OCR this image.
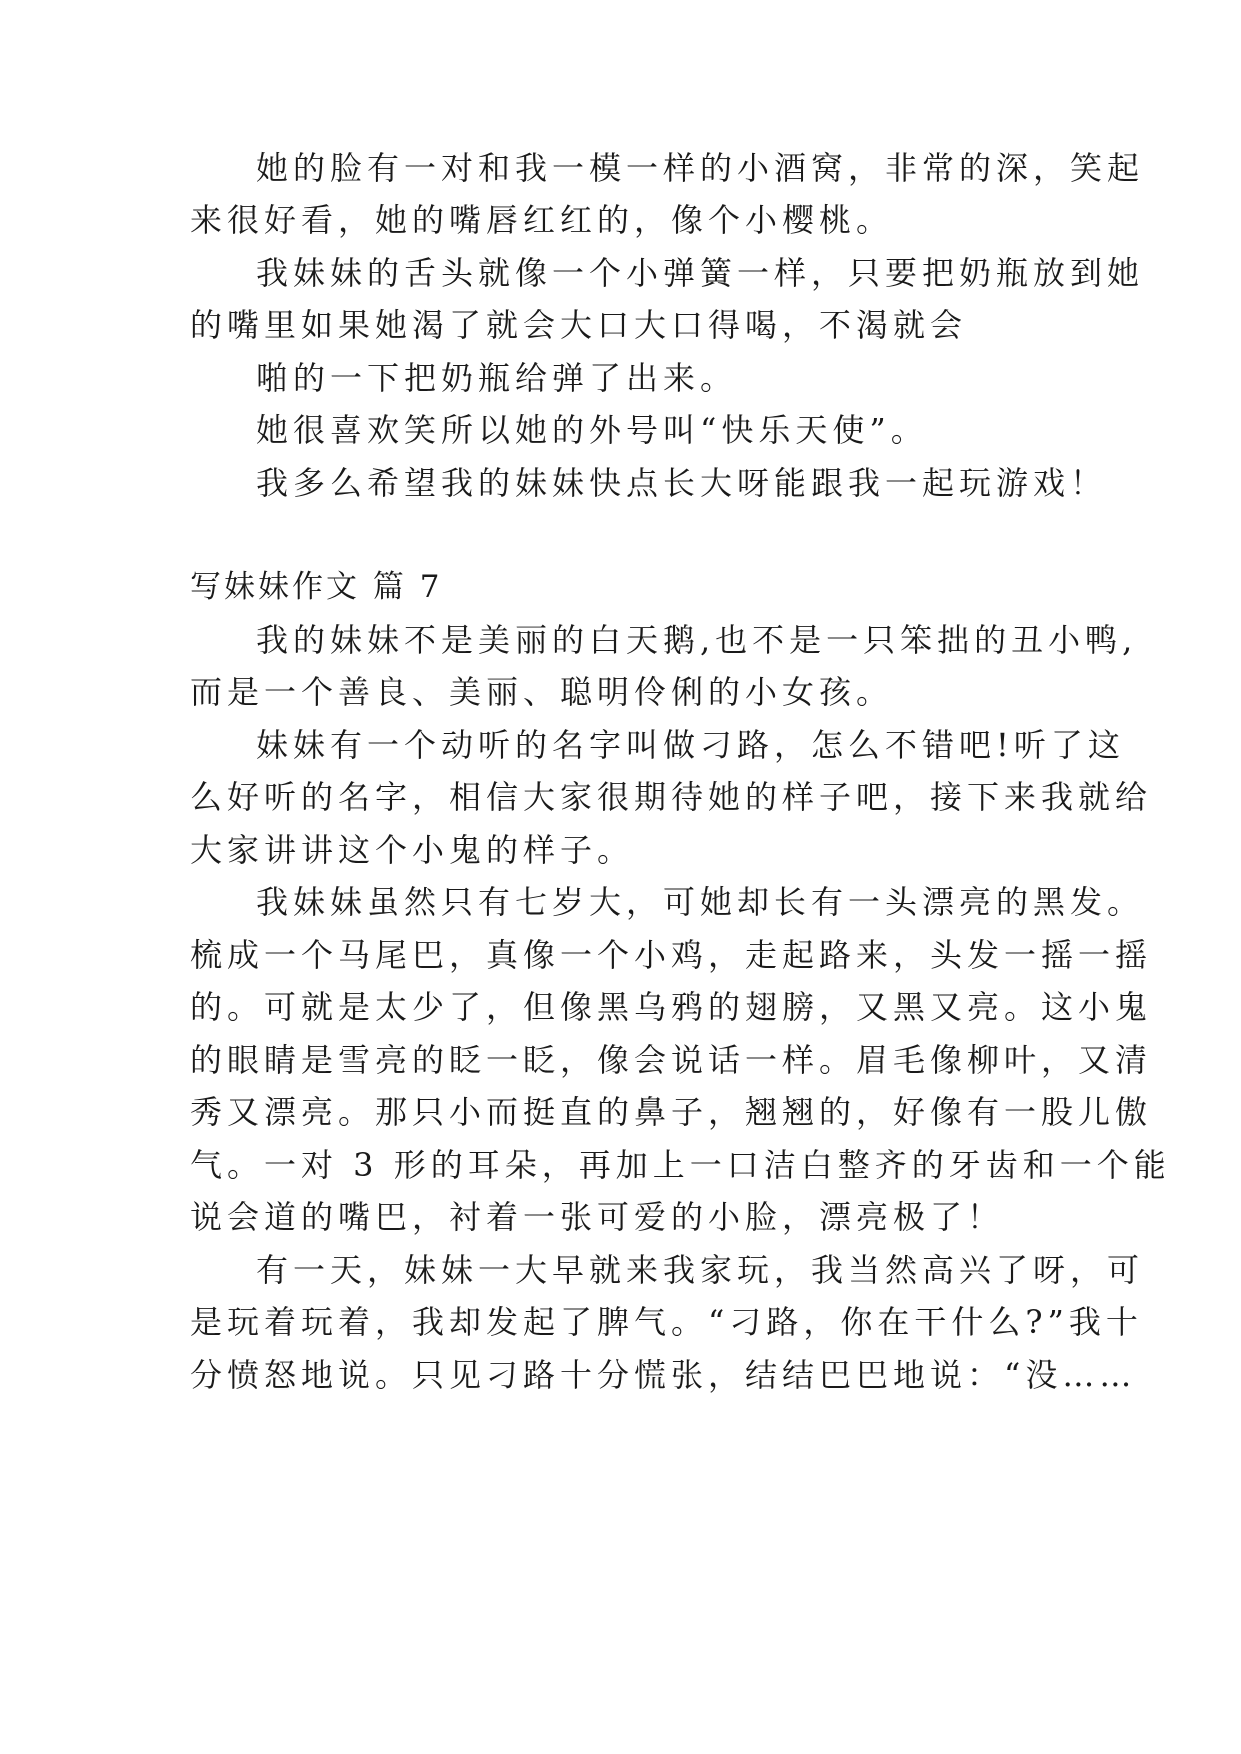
她的脸有一对和我一模一样的小酒窝，非常的深，笑起
来很好看，她的嘴唇红红的，像个小樱桃。
我妹妹的舌头就像一个小弹簧一样，只要把奶瓶放到她
的嘴里如果她渴了就会大口大口得喝，不渴就会
啪的一下把奶瓶给弹了出来。
她很喜欢笑所以她的外号叫“快乐天使”。
我多么希望我的妹妹快点长大呀能跟我一起玩游戏！
写妹妹作文 篇 7
我的妹妹不是美丽的白天鹅,也不是一只笨拙的丑小鸭,
而是一个善良、美丽、聪明伶俐的小女孩。
妹妹有一个动听的名字叫做刁路，怎么不错吧!听了这
么好听的名字，相信大家很期待她的样子吧，接下来我就给
大家讲讲这个小鬼的样子。
我妹妹虽然只有七岁大，可她却长有一头漂亮的黑发。
梳成一个马尾巴，真像一个小鸡，走起路来，头发一摇一摇
的。可就是太少了，但像黑乌鸦的翅膀，又黑又亮。这小鬼
的眼睛是雪亮的眨一眨，像会说话一样。眉毛像柳叶，又清
秀又漂亮。那只小而挺直的鼻子，翘翘的，好像有一股儿傲
气。一对 3 形的耳朵，再加上一口洁白整齐的牙齿和一个能
说会道的嘴巴，衬着一张可爱的小脸，漂亮极了！
有一天，妹妹一大早就来我家玩，我当然高兴了呀，可
是玩着玩着，我却发起了脾气。“刁路，你在干什么?”我十
分愤怒地说。只见刁路十分慌张，结结巴巴地说：“没……
